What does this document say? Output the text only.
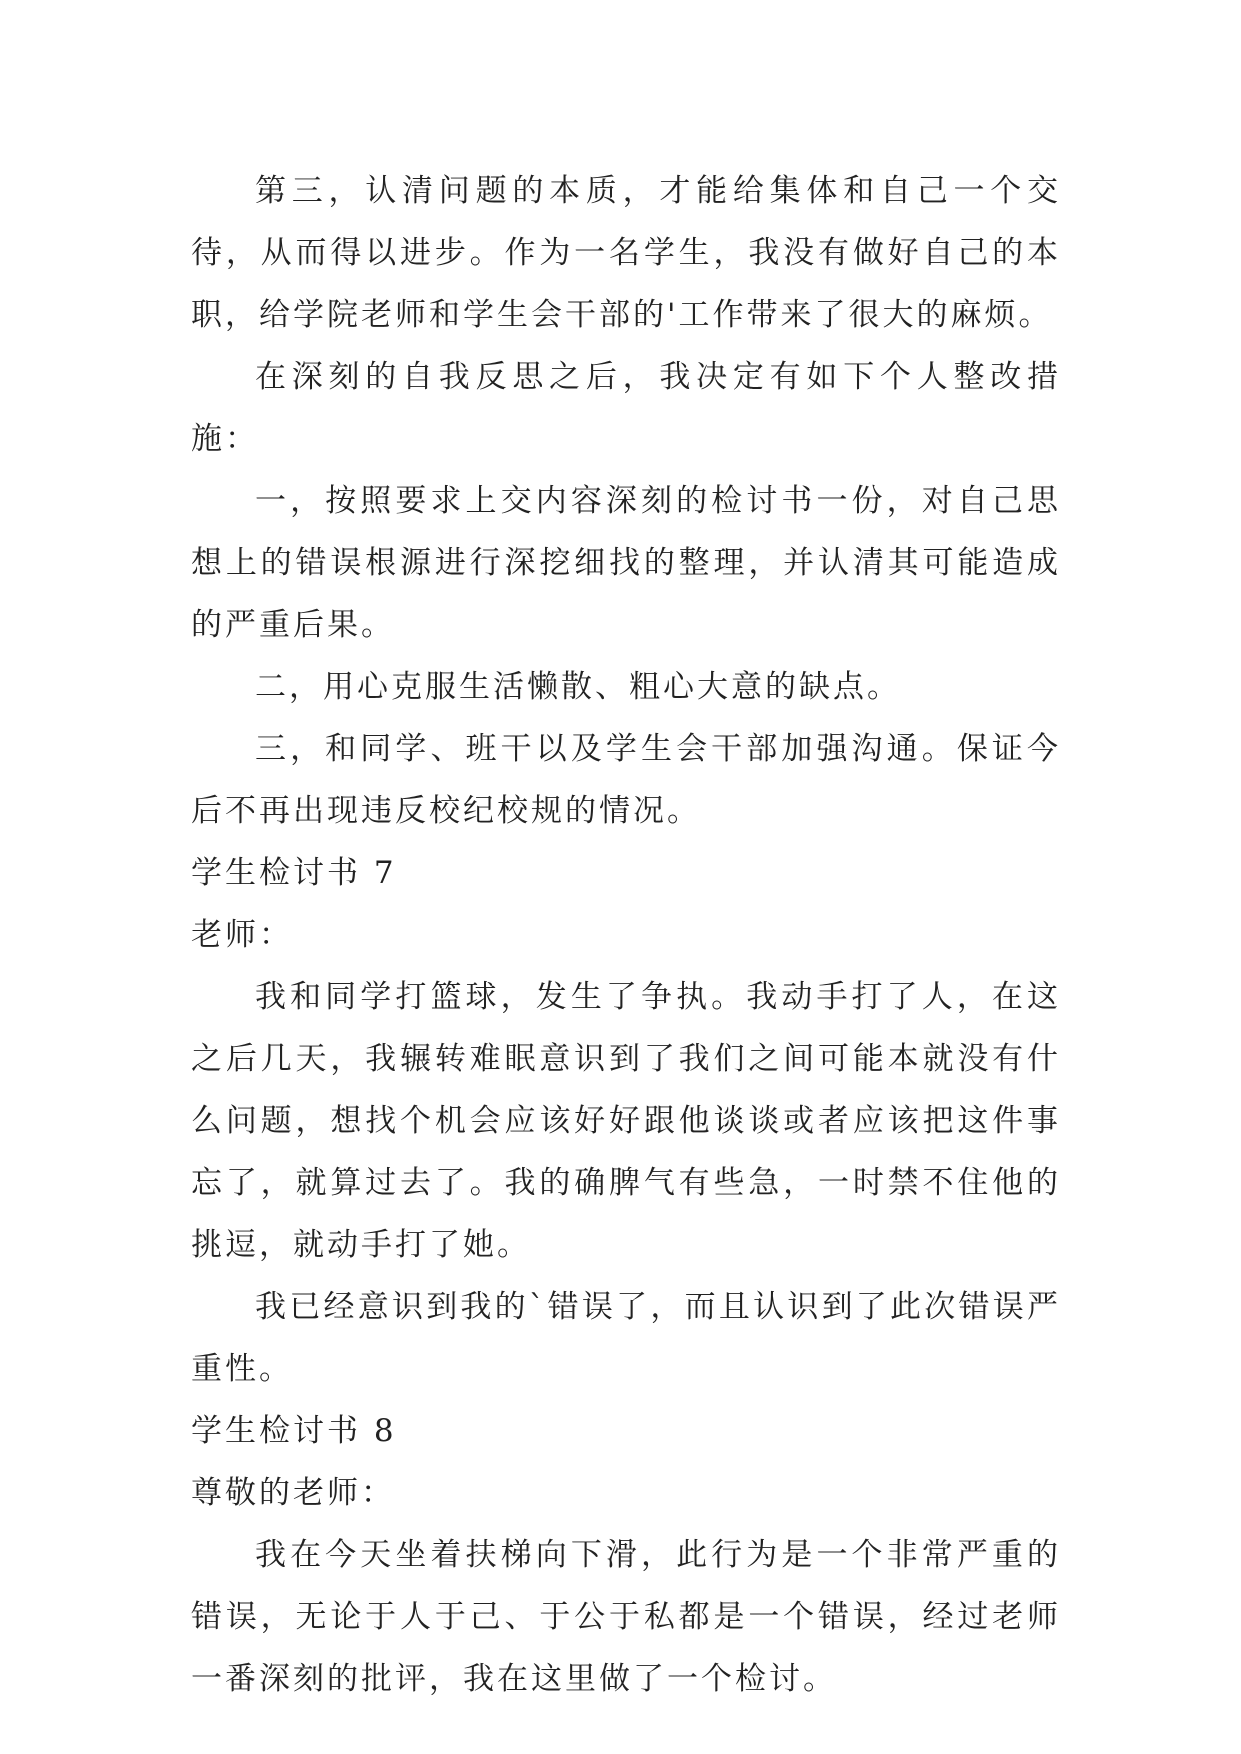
第三，认清问题的本质，才能给集体和自己一个交待，从而得以进步。作为一名学生，我没有做好自己的本职，给学院老师和学生会干部的'工作带来了很大的麻烦。

在深刻的自我反思之后，我决定有如下个人整改措施：

一，按照要求上交内容深刻的检讨书一份，对自己思想上的错误根源进行深挖细找的整理，并认清其可能造成的严重后果。

二，用心克服生活懒散、粗心大意的缺点。

三，和同学、班干以及学生会干部加强沟通。保证今后不再出现违反校纪校规的情况。

学生检讨书 7

老师：

我和同学打篮球，发生了争执。我动手打了人，在这之后几天，我辗转难眠意识到了我们之间可能本就没有什么问题，想找个机会应该好好跟他谈谈或者应该把这件事忘了，就算过去了。我的确脾气有些急，一时禁不住他的挑逗，就动手打了她。

我已经意识到我的`错误了，而且认识到了此次错误严重性。

学生检讨书 8

尊敬的老师：

我在今天坐着扶梯向下滑，此行为是一个非常严重的错误，无论于人于己、于公于私都是一个错误，经过老师一番深刻的批评，我在这里做了一个检讨。
